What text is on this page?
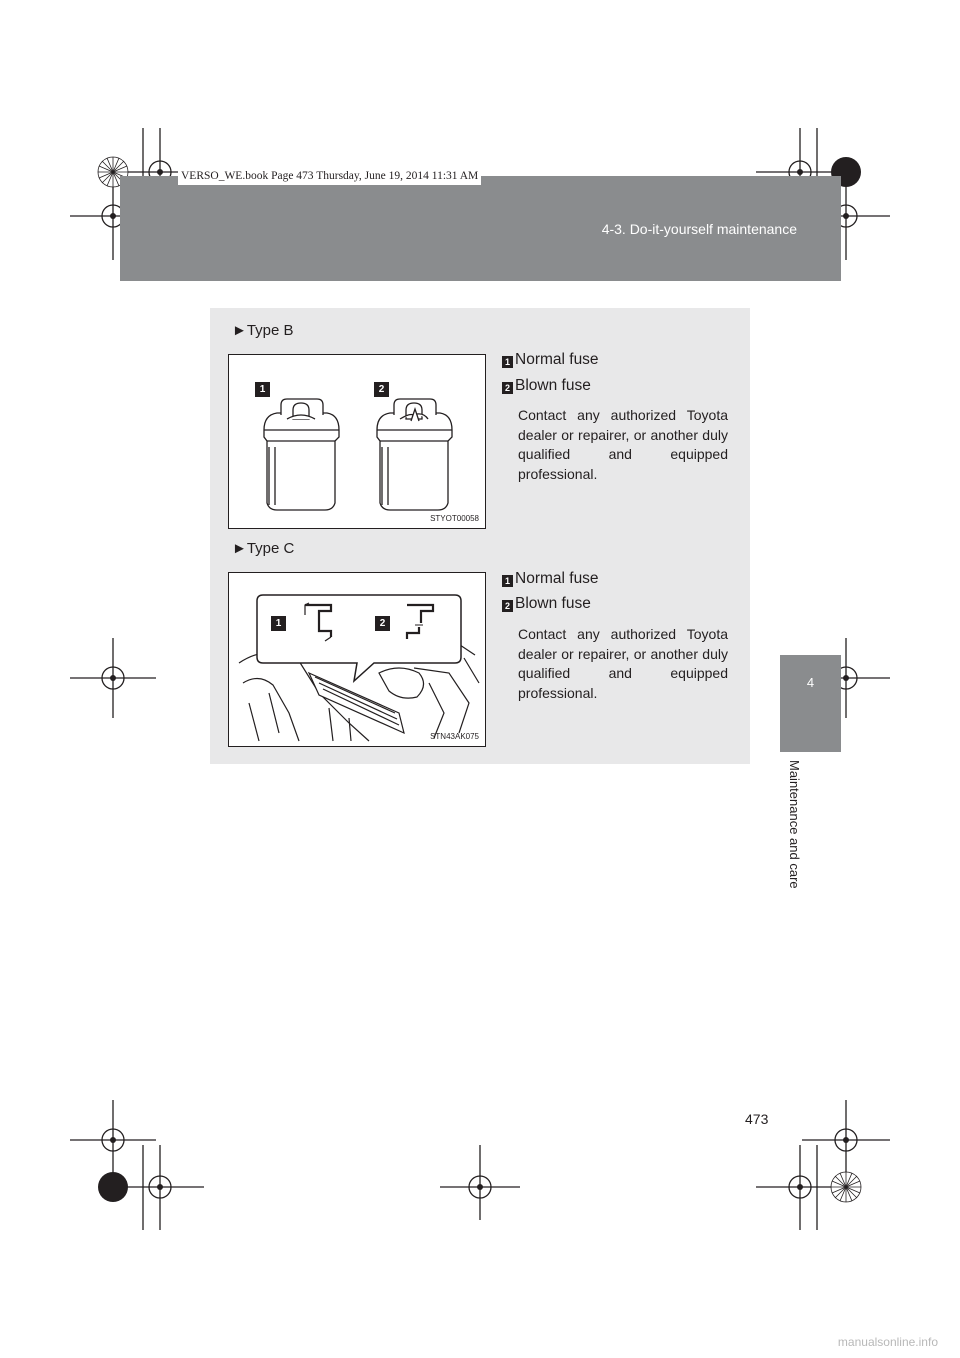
4-3. Do-it-yourself maintenance
VERSO_WE.book Page 473 Thursday, June 19, 2014 11:31 AM
4
Maintenance and care
►Type B
1	2
STYOT00058
1 Normal fuse
2 Blown fuse
Contact any authorized Toyota dealer or repairer, or another duly qualified and equipped professional.
►Type C
1	2
STN43AK075
1 Normal fuse
2 Blown fuse
Contact any authorized Toyota dealer or repairer, or another duly qualified and equipped professional.
473
manualsonline.info
